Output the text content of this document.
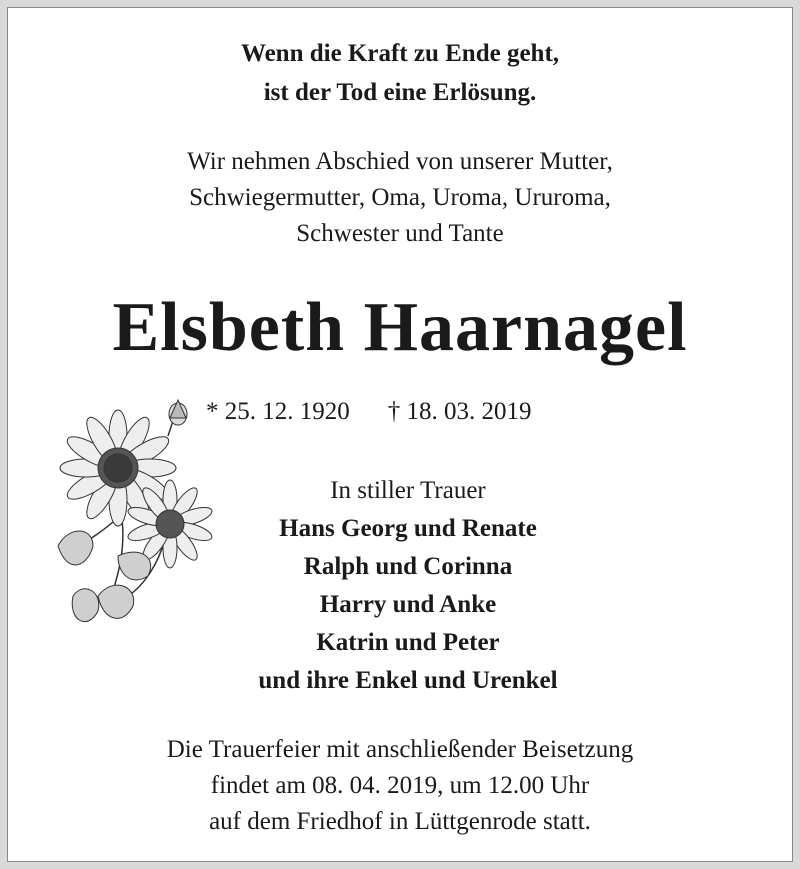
Wenn die Kraft zu Ende geht,
ist der Tod eine Erlösung.
Wir nehmen Abschied von unserer Mutter,
Schwiegermutter, Oma, Uroma, Ururoma,
Schwester und Tante
Elsbeth Haarnagel
* 25. 12. 1920 † 18. 03. 2019
In stiller Trauer
Hans Georg und Renate
Ralph und Corinna
Harry und Anke
Katrin und Peter
und ihre Enkel und Urenkel
Die Trauerfeier mit anschließender Beisetzung
findet am 08. 04. 2019, um 12.00 Uhr
auf dem Friedhof in Lüttgenrode statt.
